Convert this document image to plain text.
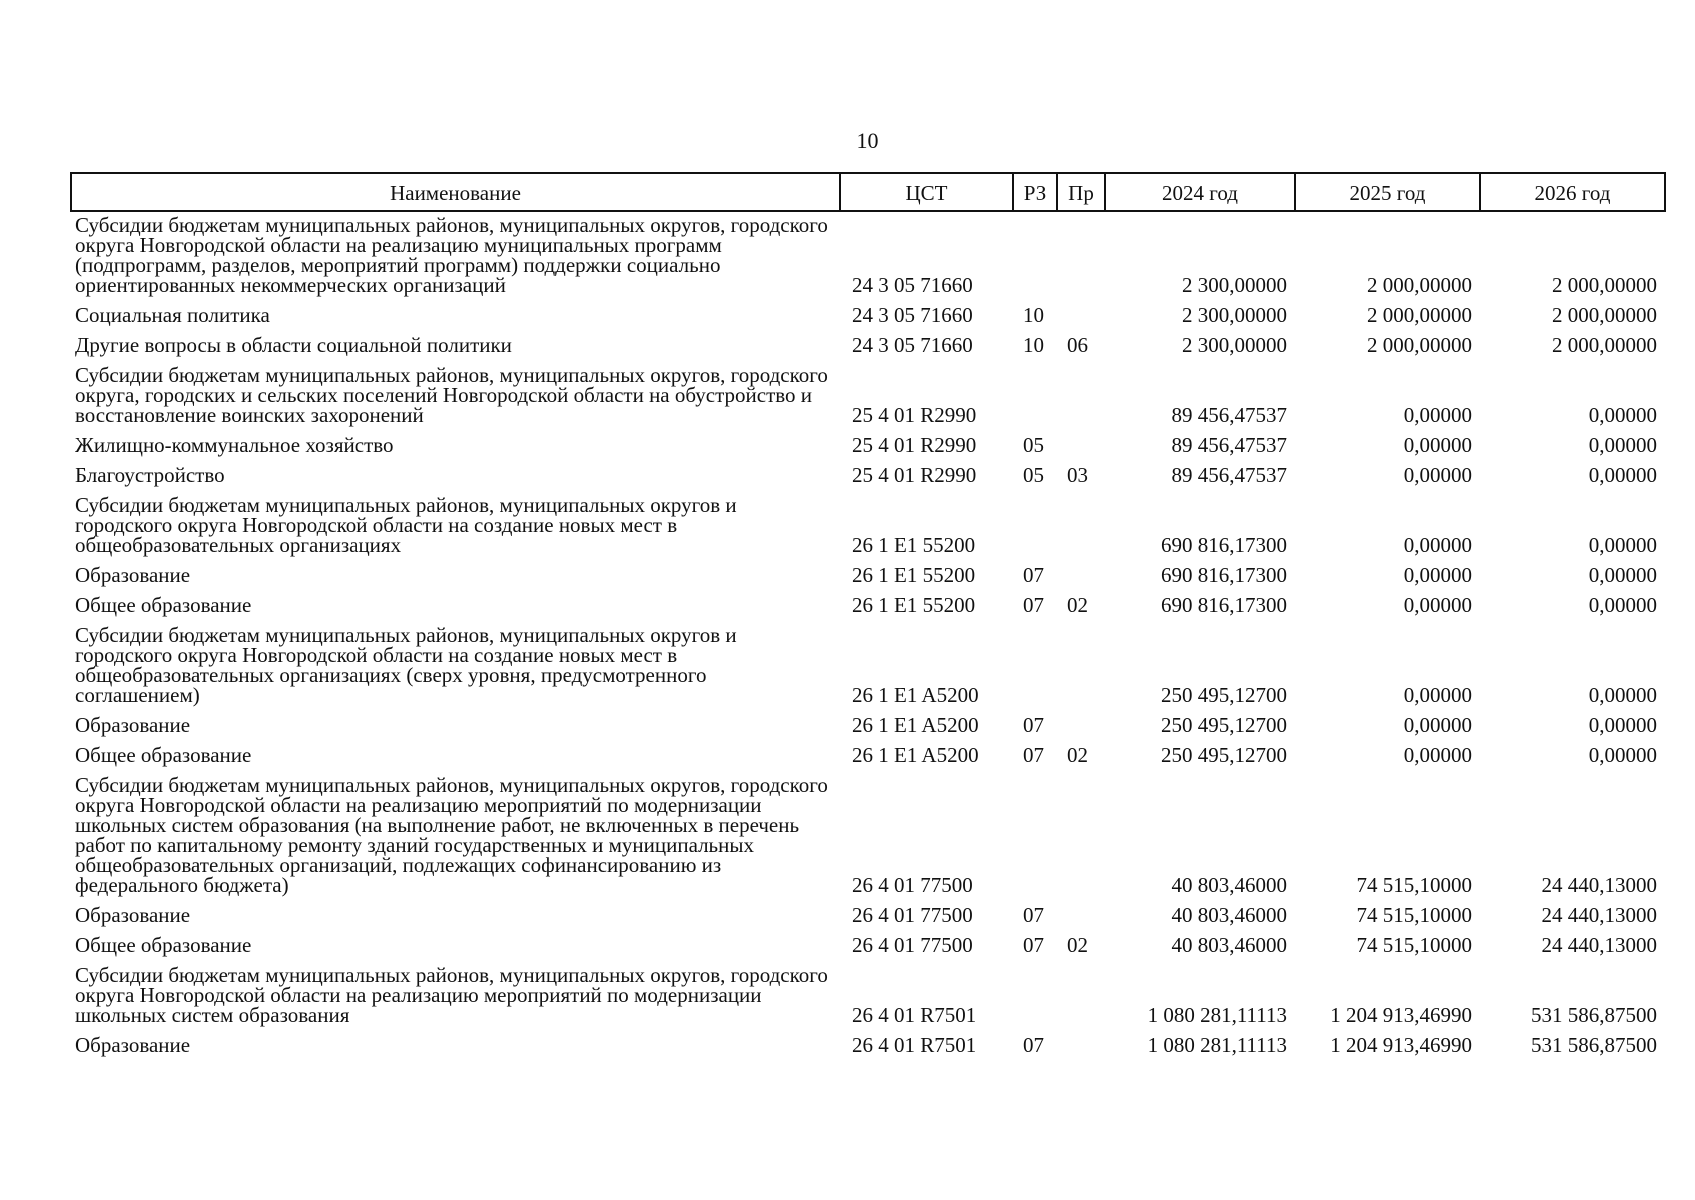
10
Наименование	ЦСТ	РЗ	Пр	2024 год	2025 год	2026 год
Субсидии бюджетам муниципальных районов, муниципальных округов, городского округа Новгородской области на реализацию муниципальных программ (подпрограмм, разделов, мероприятий программ) поддержки социально ориентированных некоммерческих организаций	24 3 05 71660			2 300,00000	2 000,00000	2 000,00000
Социальная политика	24 3 05 71660	10		2 300,00000	2 000,00000	2 000,00000
Другие вопросы в области социальной политики	24 3 05 71660	10	06	2 300,00000	2 000,00000	2 000,00000
Субсидии бюджетам муниципальных районов, муниципальных округов, городского округа, городских и сельских поселений Новгородской области на обустройство и восстановление воинских захоронений	25 4 01 R2990			89 456,47537	0,00000	0,00000
Жилищно-коммунальное хозяйство	25 4 01 R2990	05		89 456,47537	0,00000	0,00000
Благоустройство	25 4 01 R2990	05	03	89 456,47537	0,00000	0,00000
Субсидии бюджетам муниципальных районов, муниципальных округов и городского округа Новгородской области на создание новых мест в общеобразовательных организациях	26 1 E1 55200			690 816,17300	0,00000	0,00000
Образование	26 1 E1 55200	07		690 816,17300	0,00000	0,00000
Общее образование	26 1 E1 55200	07	02	690 816,17300	0,00000	0,00000
Субсидии бюджетам муниципальных районов, муниципальных округов и городского округа Новгородской области на создание новых мест в общеобразовательных организациях (сверх уровня, предусмотренного соглашением)	26 1 E1 A5200			250 495,12700	0,00000	0,00000
Образование	26 1 E1 A5200	07		250 495,12700	0,00000	0,00000
Общее образование	26 1 E1 A5200	07	02	250 495,12700	0,00000	0,00000
Субсидии бюджетам муниципальных районов, муниципальных округов, городского округа Новгородской области на реализацию мероприятий по модернизации школьных систем образования (на выполнение работ, не включенных в перечень работ по капитальному ремонту зданий государственных и муниципальных общеобразовательных организаций, подлежащих софинансированию из федерального бюджета)	26 4 01 77500			40 803,46000	74 515,10000	24 440,13000
Образование	26 4 01 77500	07		40 803,46000	74 515,10000	24 440,13000
Общее образование	26 4 01 77500	07	02	40 803,46000	74 515,10000	24 440,13000
Субсидии бюджетам муниципальных районов, муниципальных округов, городского округа Новгородской области на реализацию мероприятий по модернизации школьных систем образования	26 4 01 R7501			1 080 281,11113	1 204 913,46990	531 586,87500
Образование	26 4 01 R7501	07		1 080 281,11113	1 204 913,46990	531 586,87500
